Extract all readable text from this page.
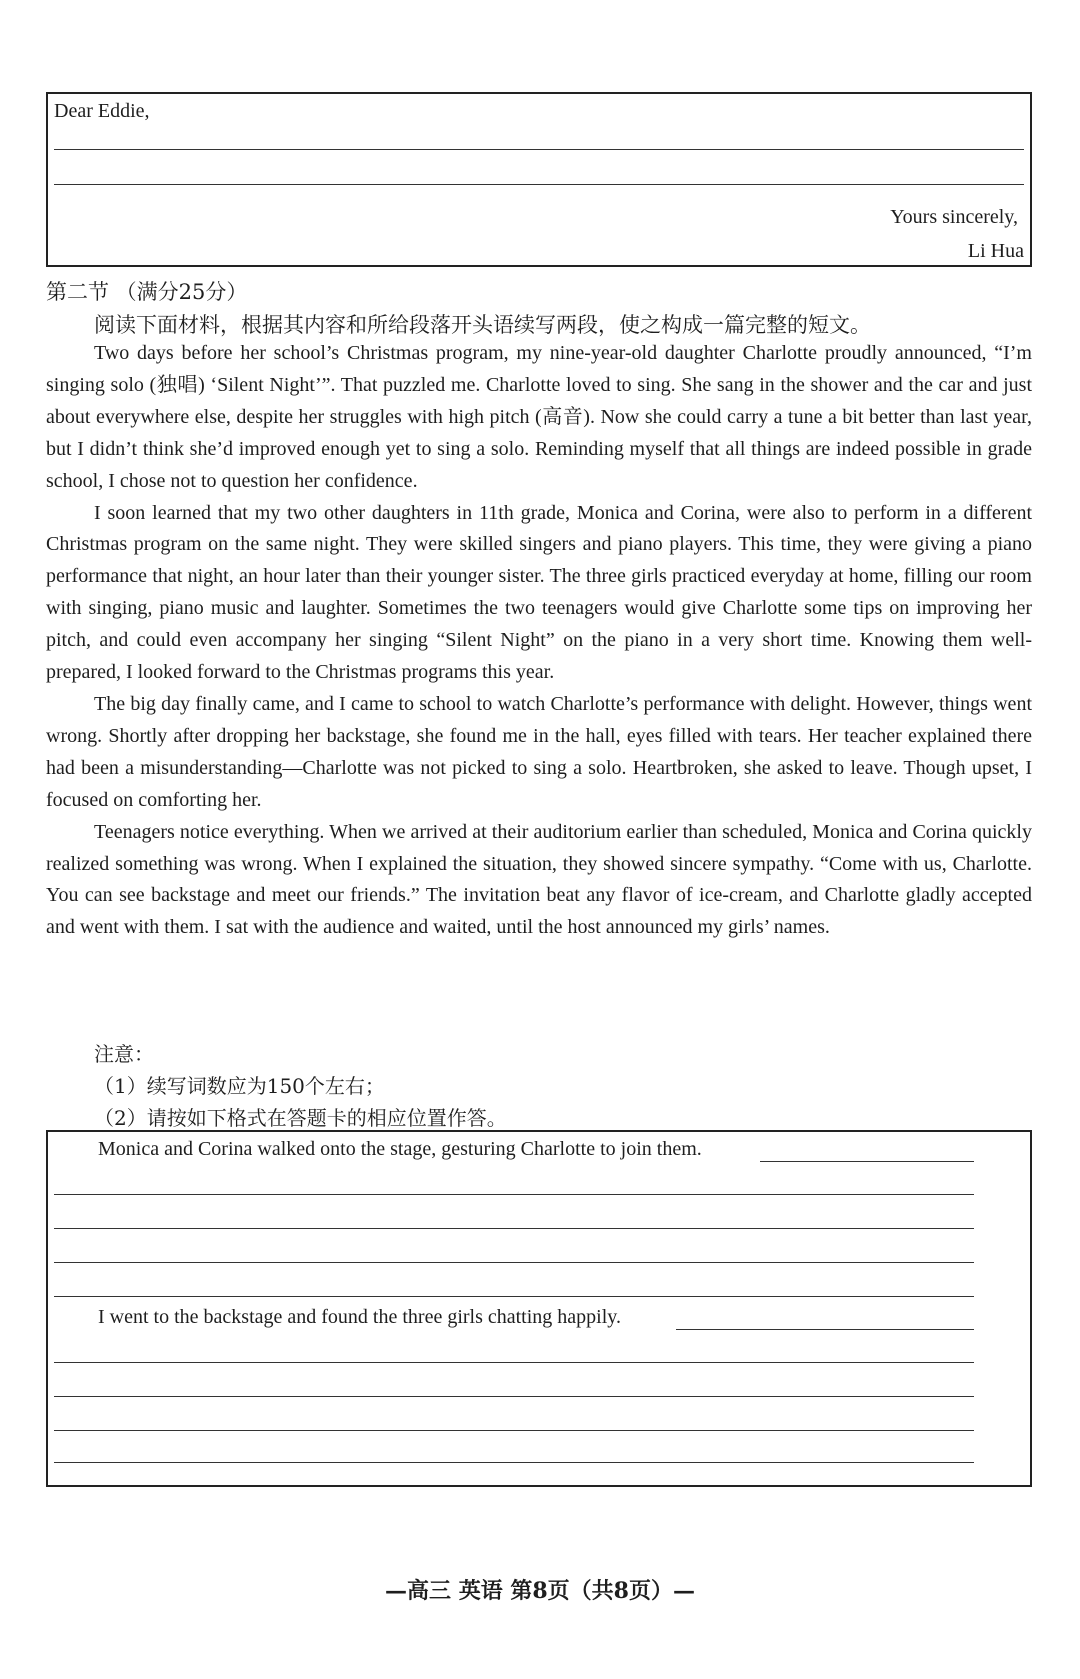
Dear Eddie,
Yours sincerely,
Li Hua
第二节 （满分25分）
阅读下面材料，根据其内容和所给段落开头语续写两段，使之构成一篇完整的短文。

Two days before her school’s Christmas program, my nine-year-old daughter Charlotte proudly announced, “I’m singing solo (独唱) ‘Silent Night’”. That puzzled me. Charlotte loved to sing. She sang in the shower and the car and just about everywhere else, despite her struggles with high pitch (高音). Now she could carry a tune a bit better than last year, but I didn’t think she’d improved enough yet to sing a solo. Reminding myself that all things are indeed possible in grade school, I chose not to question her confidence.

I soon learned that my two other daughters in 11th grade, Monica and Corina, were also to perform in a different Christmas program on the same night. They were skilled singers and piano players. This time, they were giving a piano performance that night, an hour later than their younger sister. The three girls practiced everyday at home, filling our room with singing, piano music and laughter. Sometimes the two teenagers would give Charlotte some tips on improving her pitch, and could even accompany her singing “Silent Night” on the piano in a very short time. Knowing them well-prepared, I looked forward to the Christmas programs this year.

The big day finally came, and I came to school to watch Charlotte’s performance with delight. However, things went wrong. Shortly after dropping her backstage, she found me in the hall, eyes filled with tears. Her teacher explained there had been a misunderstanding—Charlotte was not picked to sing a solo. Heartbroken, she asked to leave. Though upset, I focused on comforting her.

Teenagers notice everything. When we arrived at their auditorium earlier than scheduled, Monica and Corina quickly realized something was wrong. When I explained the situation, they showed sincere sympathy. “Come with us, Charlotte. You can see backstage and meet our friends.” The invitation beat any flavor of ice-cream, and Charlotte gladly accepted and went with them. I sat with the audience and waited, until the host announced my girls’ names.

注意：
（1）续写词数应为150个左右；
（2）请按如下格式在答题卡的相应位置作答。
Monica and Corina walked onto the stage, gesturing Charlotte to join them.
I went to the backstage and found the three girls chatting happily.
—高三 英语 第8页（共8页）—
